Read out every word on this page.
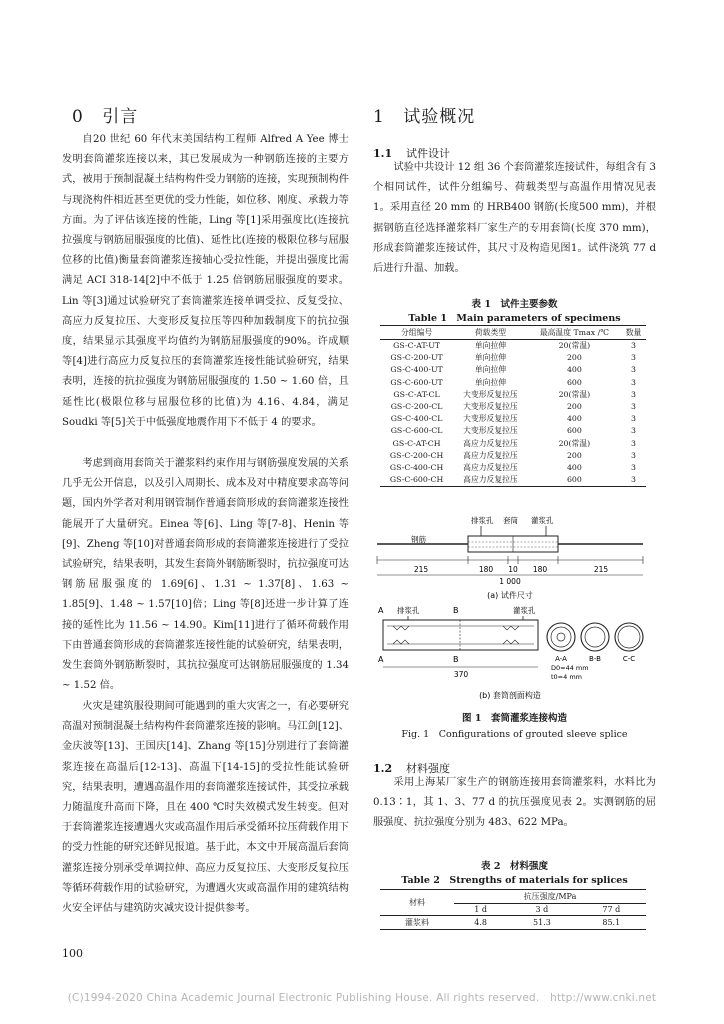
0 引言

自20 世纪 60 年代末美国结构工程师 Alfred A Yee 博士发明套筒灌浆连接以来，其已发展成为一种钢筋连接的主要方式，被用于预制混凝土结构构件受力钢筋的连接，实现预制构件与现浇构件相近甚至更优的受力性能，如位移、刚度、承载力等方面。为了评估该连接的性能，Ling 等[1]采用强度比(连接抗拉强度与钢筋屈服强度的比值)、延性比(连接的极限位移与屈服位移的比值)衡量套筒灌浆连接轴心受拉性能，并提出强度比需满足 ACI 318-14[2]中不低于 1.25 倍钢筋屈服强度的要求。Lin 等[3]通过试验研究了套筒灌浆连接单调受拉、反复受拉、高应力反复拉压、大变形反复拉压等四种加载制度下的抗拉强度，结果显示其强度平均值约为钢筋屈服强度的90%。许成顺等[4]进行高应力反复拉压的套筒灌浆连接性能试验研究，结果表明，连接的抗拉强度为钢筋屈服强度的 1.50 ~ 1.60 倍，且延性比(极限位移与屈服位移的比值)为 4.16、4.84，满足 Soudki 等[5]关于中低强度地震作用下不低于 4 的要求。

考虑到商用套筒关于灌浆料约束作用与钢筋强度发展的关系几乎无公开信息，以及引入周期长、成本及对中精度要求高等问题，国内外学者对利用钢管制作普通套筒形成的套筒灌浆连接性能展开了大量研究。Einea 等[6]、Ling 等[7-8]、Henin 等[9]、Zheng 等[10]对普通套筒形成的套筒灌浆连接进行了受拉试验研究，结果表明，其发生套筒外钢筋断裂时，抗拉强度可达钢筋屈服强度的 1.69[6]、1.31 ~ 1.37[8]、1.63 ~ 1.85[9]、1.48 ~ 1.57[10]倍；Ling 等[8]还进一步计算了连接的延性比为 11.56 ~ 14.90。Kim[11]进行了循环荷载作用下由普通套筒形成的套筒灌浆连接性能的试验研究，结果表明，发生套筒外钢筋断裂时，其抗拉强度可达钢筋屈服强度的 1.34 ~ 1.52 倍。

火灾是建筑服役期间可能遇到的重大灾害之一，有必要研究高温对预制混凝土结构构件套筒灌浆连接的影响。马江剑[12]、金庆波等[13]、王国庆[14]、Zhang 等[15]分别进行了套筒灌浆连接在高温后[12-13]、高温下[14-15]的受拉性能试验研究，结果表明，遭遇高温作用的套筒灌浆连接试件，其受拉承载力随温度升高而下降，且在 400 ℃时失效模式发生转变。但对于套筒灌浆连接遭遇火灾或高温作用后承受循环拉压荷载作用下的受力性能的研究还鲜见报道。基于此，本文中开展高温后套筒灌浆连接分别承受单调拉伸、高应力反复拉压、大变形反复拉压等循环荷载作用的试验研究，为遭遇火灾或高温作用的建筑结构火安全评估与建筑防灾减灾设计提供参考。

100
1 试验概况
1.1 试件设计

试验中共设计 12 组 36 个套筒灌浆连接试件，每组含有 3 个相同试件，试件分组编号、荷载类型与高温作用情况见表 1。采用直径 20 mm 的 HRB400 钢筋(长度500 mm)，并根据钢筋直径选择灌浆料厂家生产的专用套筒(长度 370 mm)，形成套筒灌浆连接试件，其尺寸及构造见图1。试件浇筑 77 d 后进行升温、加载。

表 1　试件主要参数
Table 1　Main parameters of specimens
分组编号	荷载类型	最高温度 Tmax /℃	数量
GS-C-AT-UT	单向拉伸	20(常温)	3
GS-C-200-UT	单向拉伸	200	3
GS-C-400-UT	单向拉伸	400	3
GS-C-600-UT	单向拉伸	600	3
GS-C-AT-CL	大变形反复拉压	20(常温)	3
GS-C-200-CL	大变形反复拉压	200	3
GS-C-400-CL	大变形反复拉压	400	3
GS-C-600-CL	大变形反复拉压	600	3
GS-C-AT-CH	高应力反复拉压	20(常温)	3
GS-C-200-CH	高应力反复拉压	200	3
GS-C-400-CH	高应力反复拉压	400	3
GS-C-600-CH	高应力反复拉压	600	3
钢筋
排浆孔 套筒 灌浆孔
215	180 10 180	215
1 000
(a) 试件尺寸
A	B
A	B
排浆孔	灌浆孔
370
A-A	B-B	C-C
D0=44 mm
t0=4 mm
(b) 套筒剖面构造
图 1　套筒灌浆连接构造
Fig. 1　Configurations of grouted sleeve splice
1.2 材料强度

采用上海某厂家生产的钢筋连接用套筒灌浆料，水料比为 0.13∶1，其 1、3、77 d 的抗压强度见表 2。实测钢筋的屈服强度、抗拉强度分别为 483、622 MPa。

表 2　材料强度
Table 2　Strengths of materials for splices
材料	抗压强度/MPa		
	1 d	3 d	77 d
灌浆料	4.8	51.3	85.1
(C)1994-2020 China Academic Journal Electronic Publishing House. All rights reserved.　http://www.cnki.net
